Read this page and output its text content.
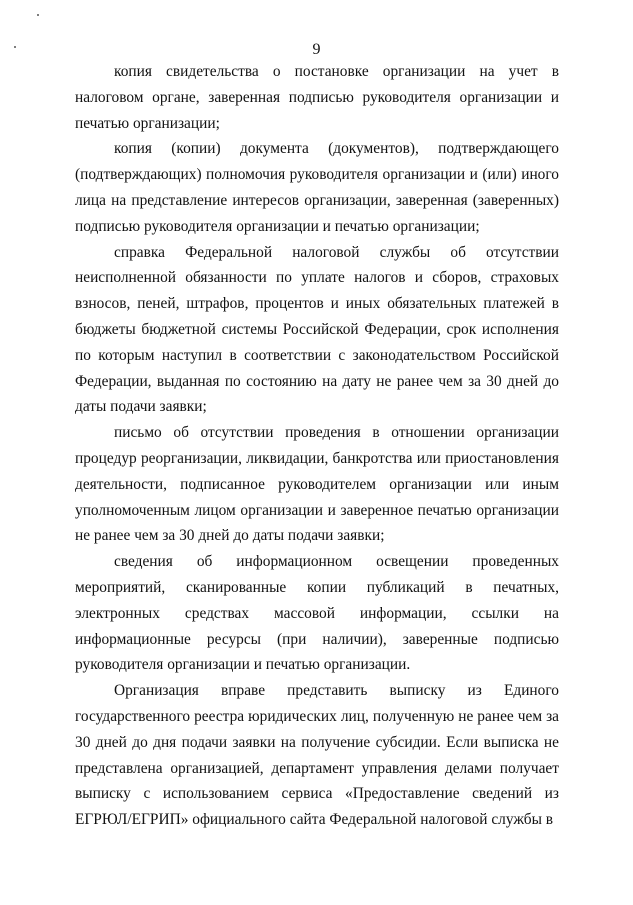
9

копия свидетельства о постановке организации на учет в налоговом органе, заверенная подписью руководителя организации и печатью организации;

копия (копии) документа (документов), подтверждающего (подтверждающих) полномочия руководителя организации и (или) иного лица на представление интересов организации, заверенная (заверенных) подписью руководителя организации и печатью организации;

справка Федеральной налоговой службы об отсутствии неисполненной обязанности по уплате налогов и сборов, страховых взносов, пеней, штрафов, процентов и иных обязательных платежей в бюджеты бюджетной системы Российской Федерации, срок исполнения по которым наступил в соответствии с законодательством Российской Федерации, выданная по состоянию на дату не ранее чем за 30 дней до даты подачи заявки;

письмо об отсутствии проведения в отношении организации процедур реорганизации, ликвидации, банкротства или приостановления деятельности, подписанное руководителем организации или иным уполномоченным лицом организации и заверенное печатью организации не ранее чем за 30 дней до даты подачи заявки;

сведения об информационном освещении проведенных мероприятий, сканированные копии публикаций в печатных, электронных средствах массовой информации, ссылки на информационные ресурсы (при наличии), заверенные подписью руководителя организации и печатью организации.

Организация вправе представить выписку из Единого государственного реестра юридических лиц, полученную не ранее чем за 30 дней до дня подачи заявки на получение субсидии. Если выписка не представлена организацией, департамент управления делами получает выписку с использованием сервиса «Предоставление сведений из ЕГРЮЛ/ЕГРИП» официального сайта Федеральной налоговой службы в
